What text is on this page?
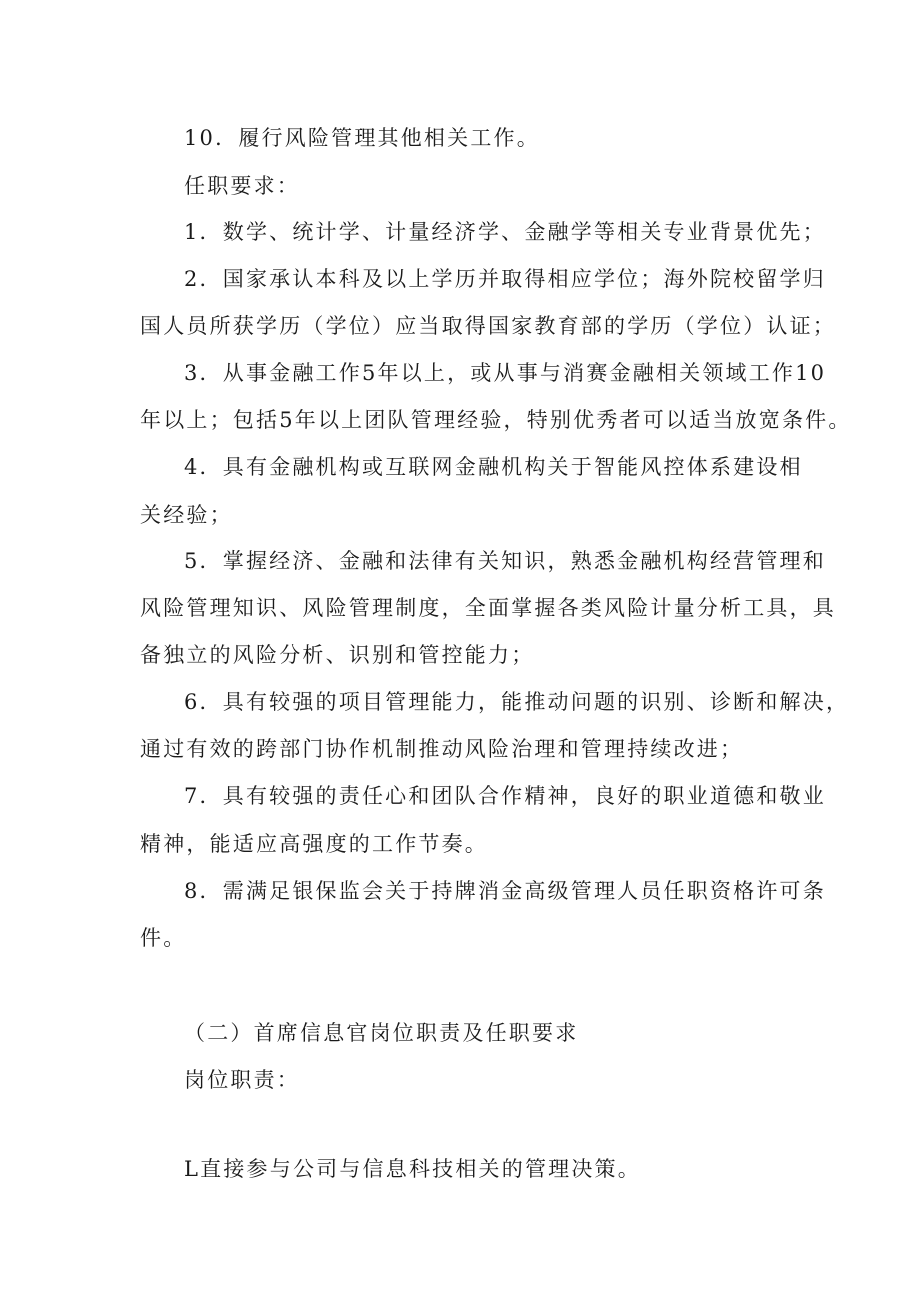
10．履行风险管理其他相关工作。
任职要求：
1．数学、统计学、计量经济学、金融学等相关专业背景优先；
2．国家承认本科及以上学历并取得相应学位；海外院校留学归
国人员所获学历（学位）应当取得国家教育部的学历（学位）认证；
3．从事金融工作5年以上，或从事与消赛金融相关领域工作10
年以上；包括5年以上团队管理经验，特别优秀者可以适当放宽条件。
4．具有金融机构或互联网金融机构关于智能风控体系建设相
关经验；
5．掌握经济、金融和法律有关知识，熟悉金融机构经营管理和
风险管理知识、风险管理制度，全面掌握各类风险计量分析工具，具
备独立的风险分析、识别和管控能力；
6．具有较强的项目管理能力，能推动问题的识别、诊断和解决，
通过有效的跨部门协作机制推动风险治理和管理持续改进；
7．具有较强的责任心和团队合作精神，良好的职业道德和敬业
精神，能适应高强度的工作节奏。
8．需满足银保监会关于持牌消金高级管理人员任职资格许可条
件。
（二）首席信息官岗位职责及任职要求
岗位职责：
L直接参与公司与信息科技相关的管理决策。
